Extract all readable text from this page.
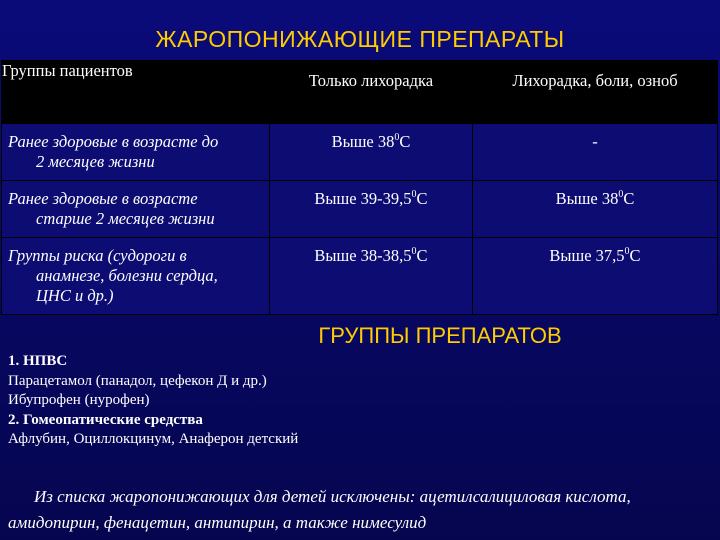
ЖАРОПОНИЖАЮЩИЕ ПРЕПАРАТЫ
Группы пациентов	Только лихорадка	Лихорадка, боли, озноб

Ранее здоровые в возрасте до
2 месяцев жизни	Выше $38^0С$	-

Ранее здоровые в возрасте
старше 2 месяцев жизни	Выше 39-39,5$^0$С	Выше $38^0С$

Группы риска (судороги в
анамнезе, болезни сердца,
ЦНС и др.)	Выше 38-38,5$^0$С	Выше 37,5$^0$С
ГРУППЫ ПРЕПАРАТОВ
1. НПВС
Парацетамол (панадол, цефекон Д и др.)
Ибупрофен (нурофен)
2. Гомеопатические средства
Афлубин, Оциллокцинум, Анаферон детский
Из списка жаропонижающих для детей исключены: ацетилсалициловая кислота,
амидопирин, фенацетин, антипирин, а также нимесулид
